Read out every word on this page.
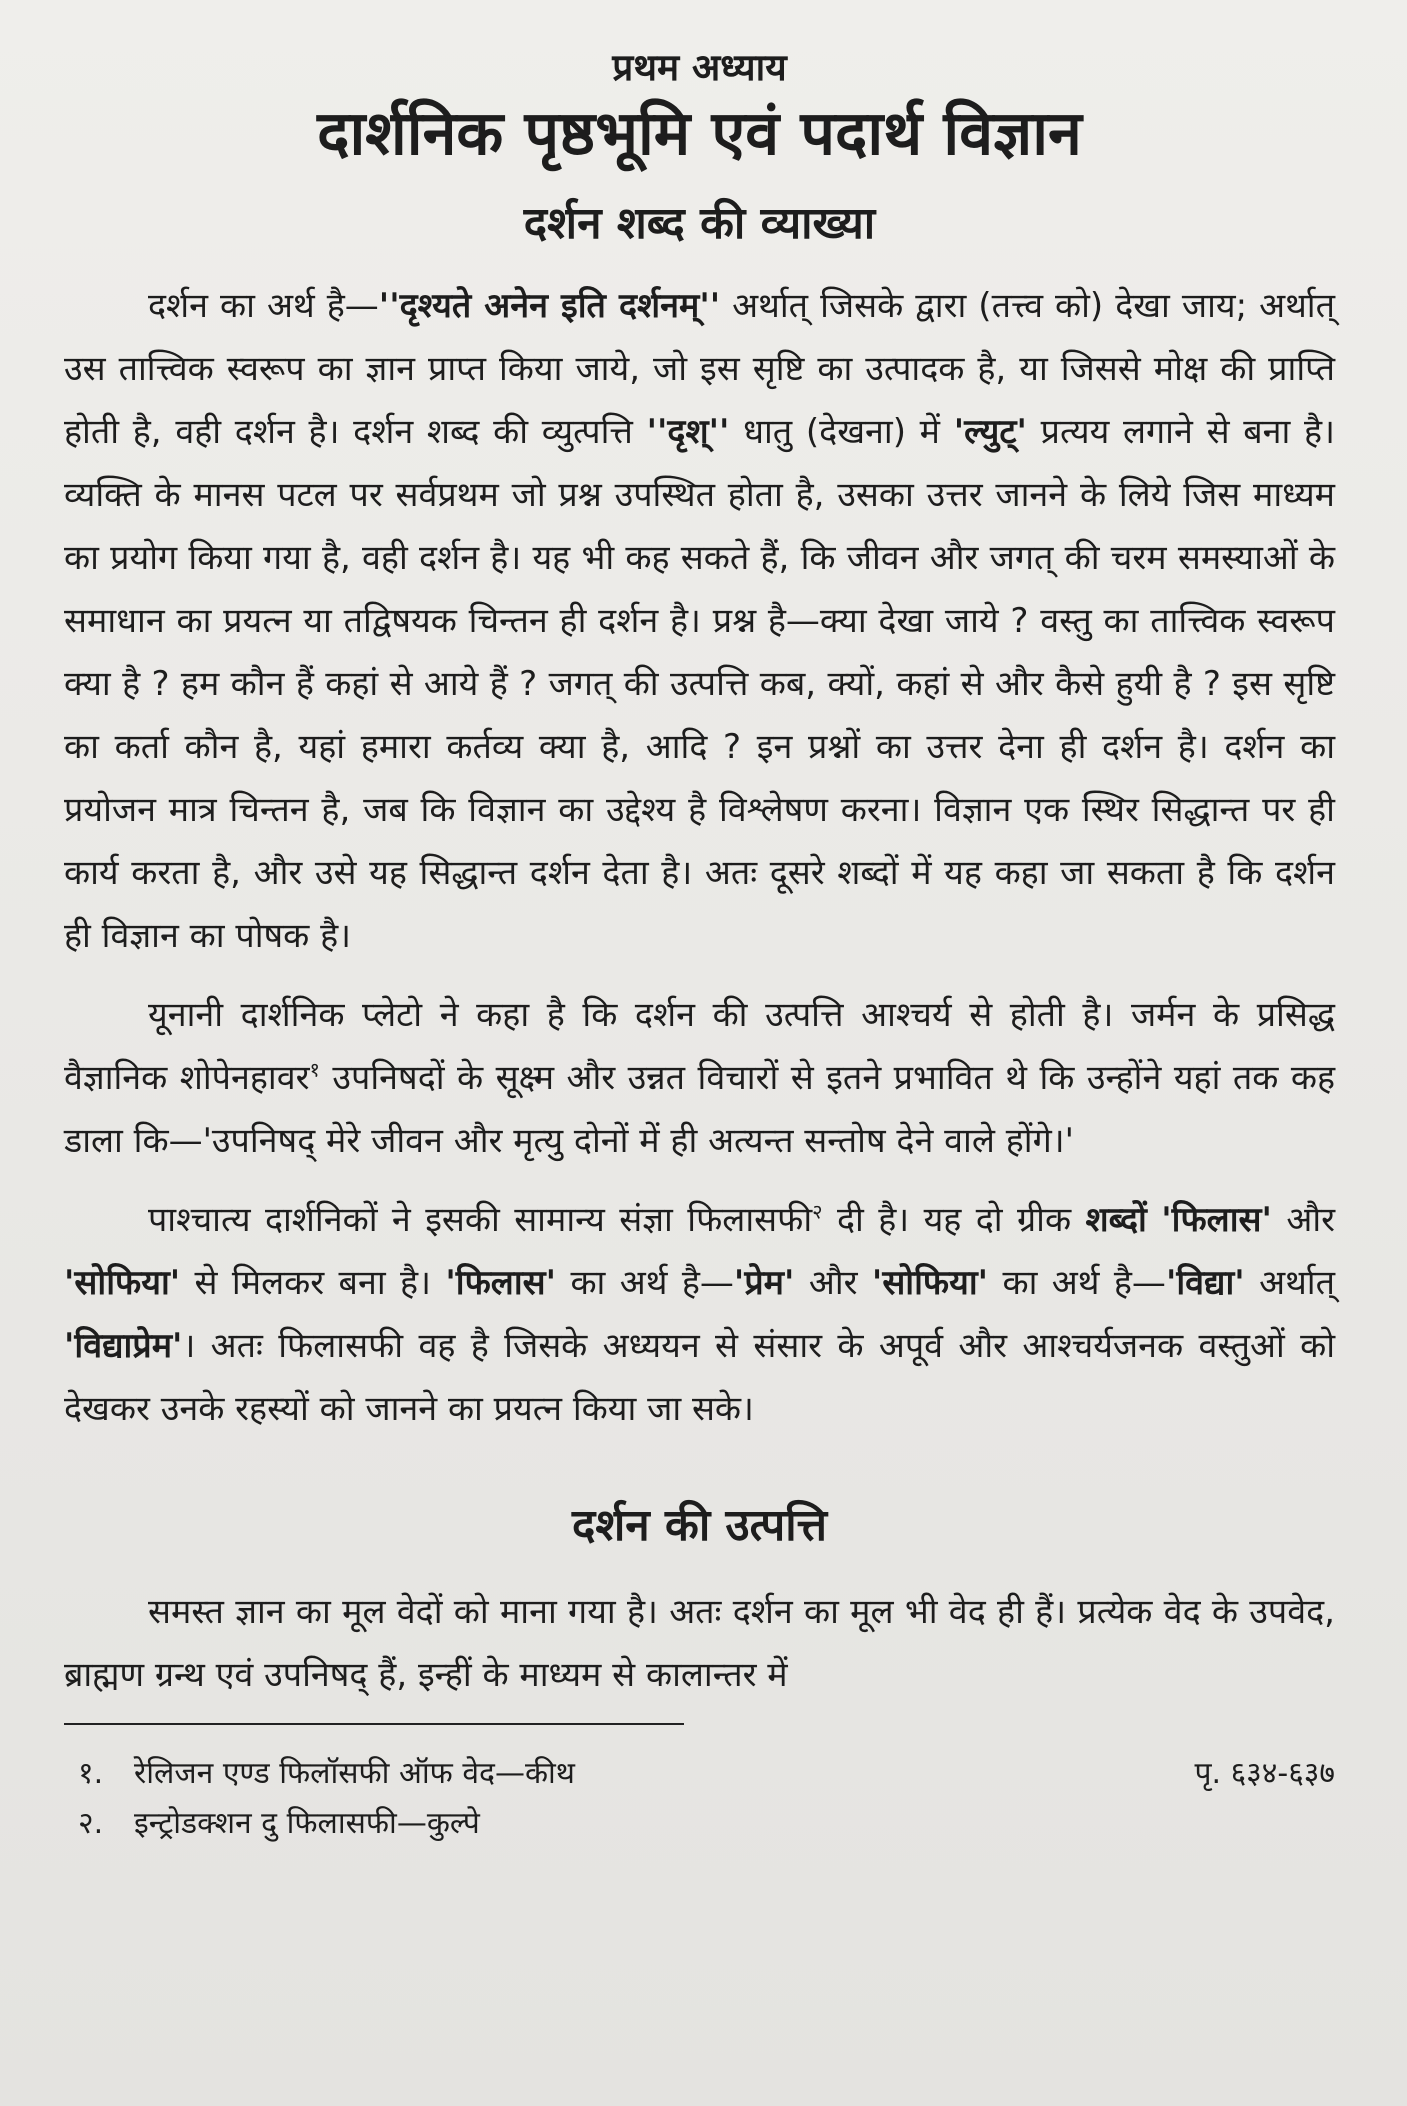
प्रथम अध्याय
दार्शनिक पृष्ठभूमि एवं पदार्थ विज्ञान
दर्शन शब्द की व्याख्या

दर्शन का अर्थ है—''दृश्यते अनेन इति दर्शनम्'' अर्थात् जिसके द्वारा (तत्त्व को) देखा जाय; अर्थात् उस तात्त्विक स्वरूप का ज्ञान प्राप्त किया जाये, जो इस सृष्टि का उत्पादक है, या जिससे मोक्ष की प्राप्ति होती है, वही दर्शन है। दर्शन शब्द की व्युत्पत्ति ''दृश्'' धातु (देखना) में 'ल्युट्' प्रत्यय लगाने से बना है। व्यक्ति के मानस पटल पर सर्वप्रथम जो प्रश्न उपस्थित होता है, उसका उत्तर जानने के लिये जिस माध्यम का प्रयोग किया गया है, वही दर्शन है। यह भी कह सकते हैं, कि जीवन और जगत् की चरम समस्याओं के समाधान का प्रयत्न या तद्विषयक चिन्तन ही दर्शन है। प्रश्न है—क्या देखा जाये ? वस्तु का तात्त्विक स्वरूप क्या है ? हम कौन हैं कहां से आये हैं ? जगत् की उत्पत्ति कब, क्यों, कहां से और कैसे हुयी है ? इस सृष्टि का कर्ता कौन है, यहां हमारा कर्तव्य क्या है, आदि ? इन प्रश्नों का उत्तर देना ही दर्शन है। दर्शन का प्रयोजन मात्र चिन्तन है, जब कि विज्ञान का उद्देश्य है विश्लेषण करना। विज्ञान एक स्थिर सिद्धान्त पर ही कार्य करता है, और उसे यह सिद्धान्त दर्शन देता है। अतः दूसरे शब्दों में यह कहा जा सकता है कि दर्शन ही विज्ञान का पोषक है।

यूनानी दार्शनिक प्लेटो ने कहा है कि दर्शन की उत्पत्ति आश्चर्य से होती है। जर्मन के प्रसिद्ध वैज्ञानिक शोपेनहावर$^१$ उपनिषदों के सूक्ष्म और उन्नत विचारों से इतने प्रभावित थे कि उन्होंने यहां तक कह डाला कि—'उपनिषद् मेरे जीवन और मृत्यु दोनों में ही अत्यन्त सन्तोष देने वाले होंगे।'

पाश्चात्य दार्शनिकों ने इसकी सामान्य संज्ञा फिलासफी$^२$ दी है। यह दो ग्रीक शब्दों 'फिलास' और 'सोफिया' से मिलकर बना है। 'फिलास' का अर्थ है—'प्रेम' और 'सोफिया' का अर्थ है—'विद्या' अर्थात् 'विद्याप्रेम'। अतः फिलासफी वह है जिसके अध्ययन से संसार के अपूर्व और आश्चर्यजनक वस्तुओं को देखकर उनके रहस्यों को जानने का प्रयत्न किया जा सके।

दर्शन की उत्पत्ति

समस्त ज्ञान का मूल वेदों को माना गया है। अतः दर्शन का मूल भी वेद ही हैं। प्रत्येक वेद के उपवेद, ब्राह्मण ग्रन्थ एवं उपनिषद् हैं, इन्हीं के माध्यम से कालान्तर में

१. रेलिजन एण्ड फिलॉसफी ऑफ वेद—कीथ	पृ. ६३४-६३७
२. इन्ट्रोडक्शन दु फिलासफी—कुल्पे
